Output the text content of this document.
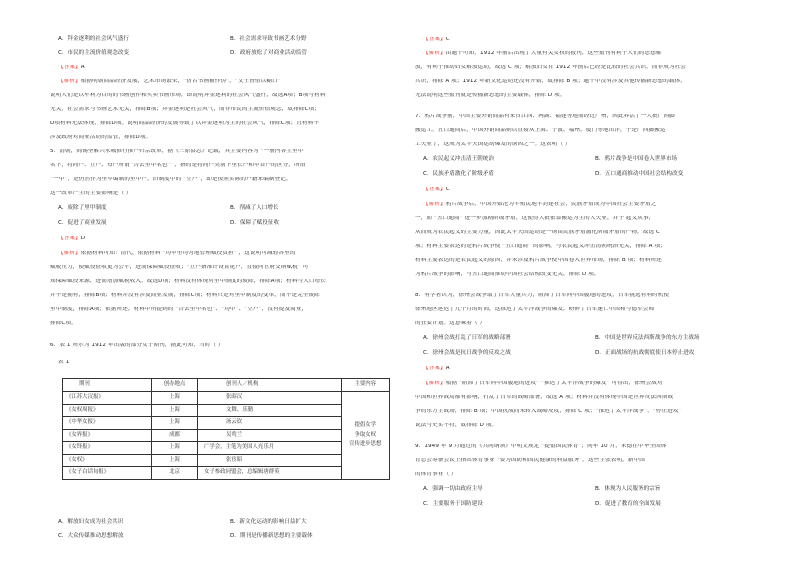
A．拜金逐利的社会风气盛行	B．社会需求导致书画艺术分野
C．市民的主流价值观念改变	D．政府放松了对商业活动监管
【答案】A
【解析】根据明朝商品经济发展，艺术市场繁荣，“仿古书画被作伪”，“文士皆借以糊口”
说明人们是以牟利为目的的书画创作和买卖书画市场，即说明拜金逐利的社会风气盛行，故选A项；B项与材料
无关，社会需求与书画艺术无关，排除B项；拜金逐利是社会风气，而非市民的主流价值观念，故排除C项；
D项材料无法体现，排除D项。说明商品经济的发展导致了以拜金逐利为主的社会风气，排除C项；且材料不
涉及政府对商业活动的监管，排除D项。
5．清朝，阎锡坚解兴永城推行推户归宗改革，据《三原县志》记载，其主要内容为 “一册内各主里甲
名下，将同户、立户、每户所谓 ‘告去里甲名色’” ，指的是将同户类别下里长户和甲首户的区分，所谓
“一甲”，是仍然作为里甲编制的里甲户，旧制度中的 “立户”，即是按照实际的户籍来编制登记。
这一改革产生的主要影响是（ ）
A．废除了里甲制度	B．削减了人口增长
C．促进了商业发展	D．保障了赋役征收
【答案】D
【解析】依据材料可知：清代，依据材料 “均甲里均匀地管理赋役负担” ，这说明可减轻各里的
赋税压力，使赋役征收更为公平，进而保障赋役征收；“立户指准许设置花户，直接向官府交纳赋税” 可
知保障赋役来源，进而增加赋税收入，故选D项；材料没有体现对里甲制度的废除，排除A项；材料与人口增长
并不是拥有，排除B项；材料并没有涉及商业发展，排除C项；材料只是对里甲制度的变革，而不是完全废除
里甲制度，排除A项；依据所述，材料中所提到的 “告去里甲名色”、“均甲”、“立户”，没有提及商业，
排除C项。
6．表 1 所示为 1912 年出版的部分女子期刊，据此可知，当时（ ）
表 1
期刊	创办地点	创刊人／机构	主要内容
《江苏大汉报》	上海	张昭汉	提倡女学
争取女权
宣传进步思想

《女权周报》	上海	文舞、乐勤	
《中华女报》	上海	汤云钦	
《女界报》	成都	吴鸾兰	
《女铎报》	上海	广学会，主笔为美国人亮乐月	
《女权》	上海	张宦昭	
《女子白话旬报》	北京	女子参政同盟会，总编辑唐群英	
A．解放妇女成为社会共识	B．新文化运动的影响日益扩大
C．大众传媒推动思想解放	D．期刊是传播新思想的主要载体
【答案】C
【解析】由题干可知，1912 年前后出现了大量有关女权的报刊，这些报刊有利于人们的思想解
放，有利于推动妇女解放运动，故选 C 项；解放妇女在 1912 年前后已经是比较的社会共识，而非成为社会
共识，排除 A 项；1912 年新文化运动还没有开始，故排除 B 项；题干中没有涉及其他传播新思想的载体，
无法说明这些报刊就是传播新思想的主要载体，排除 D 项。
7．鸦片战争前，中国主要外销商品有来自江西、两湖、福建等地而经过广州，因此养活了一大批广西脚
搬运工。五口通商后，中国外销商品则以直接从上海、宁波、福州、厦门等地出洋，于是广西脚搬运
工失业了，这成为太平天国运动爆发的诱因之一。这表明（ ）
A．农民起义冲击清王朝统治	B．鸦片战争是中国卷入世界市场
C．民族矛盾激化了阶级矛盾	D．五口通商推动中国社会结构改变
【答案】C
【解析】鸦片战争后，中国开始沦为半殖民地半封建社会，民族矛盾成为中国社会主要矛盾之
一，而 “五口通商” 进一步加剧阶级矛盾，这使得大批依靠搬运为生的人失业，并于 起义从事，
从而成为农民起义的主要力量，因此太平天国运动是一场由民族矛盾激化阶级矛盾的产物，故选 C
项；材料主要表达的是鸦片战争使 “五口通商” 的影响，与农民起义冲击清朝统治无关，排除 A 项；
材料主要表达的是农民起义的原因，并未涉及鸦片战争使中国卷入世界市场，排除 B 项；材料所述
为鸦片战争的影响，与五口通商推动中国社会结构改变无关，排除 D 项。
8．有学者认为，徐州会战争取了日军大量兵力，阻滞了日军向中国腹地的进攻，日军挑选有利时机使
徐州地区延迟了几个月的时间，这推迟了太平洋战争的爆发，粉碎了日军速亡中国和与德军会师
的狂妄计划。这意味着（ ）
A．徐州会战打乱了日军的战略部署	B．中国是世界反法西斯战争的东方主战场
C．徐州会战是抗日战争的反攻之战	D．正面战场的抗战彻底使日本停止进攻
【答案】A
【解析】根据 “阻滞了日军向中国腹地的进攻” “推迟了太平洋战争的爆发” 可得出，徐州会战对
中国和世界战局都有影响，打乱了日军的战略部署，故选 A 项；材料并没有体现中国是世界反法西斯战
争的东方主战场，排除 B 项；中国抗战尚未转入战略反攻，排除 C 项；“推迟了太平洋战争”、“停止进攻”
说法与史实不符，故排除 D 项。
9．1949 年 9 月通过的《共同纲领》中明文规定 “提倡国民体育”；同年 10 月，朱德在中华全国体
育总会筹备会议上指出体育事业 “要为国防和国民健康的利益服务”。这些主张表明，新中国
的体育事业（ ）
A．强调一切由政府主导	B．体现为人民服务的宗旨
C．主要服务于国防建设	D．促进了教育的全面发展
